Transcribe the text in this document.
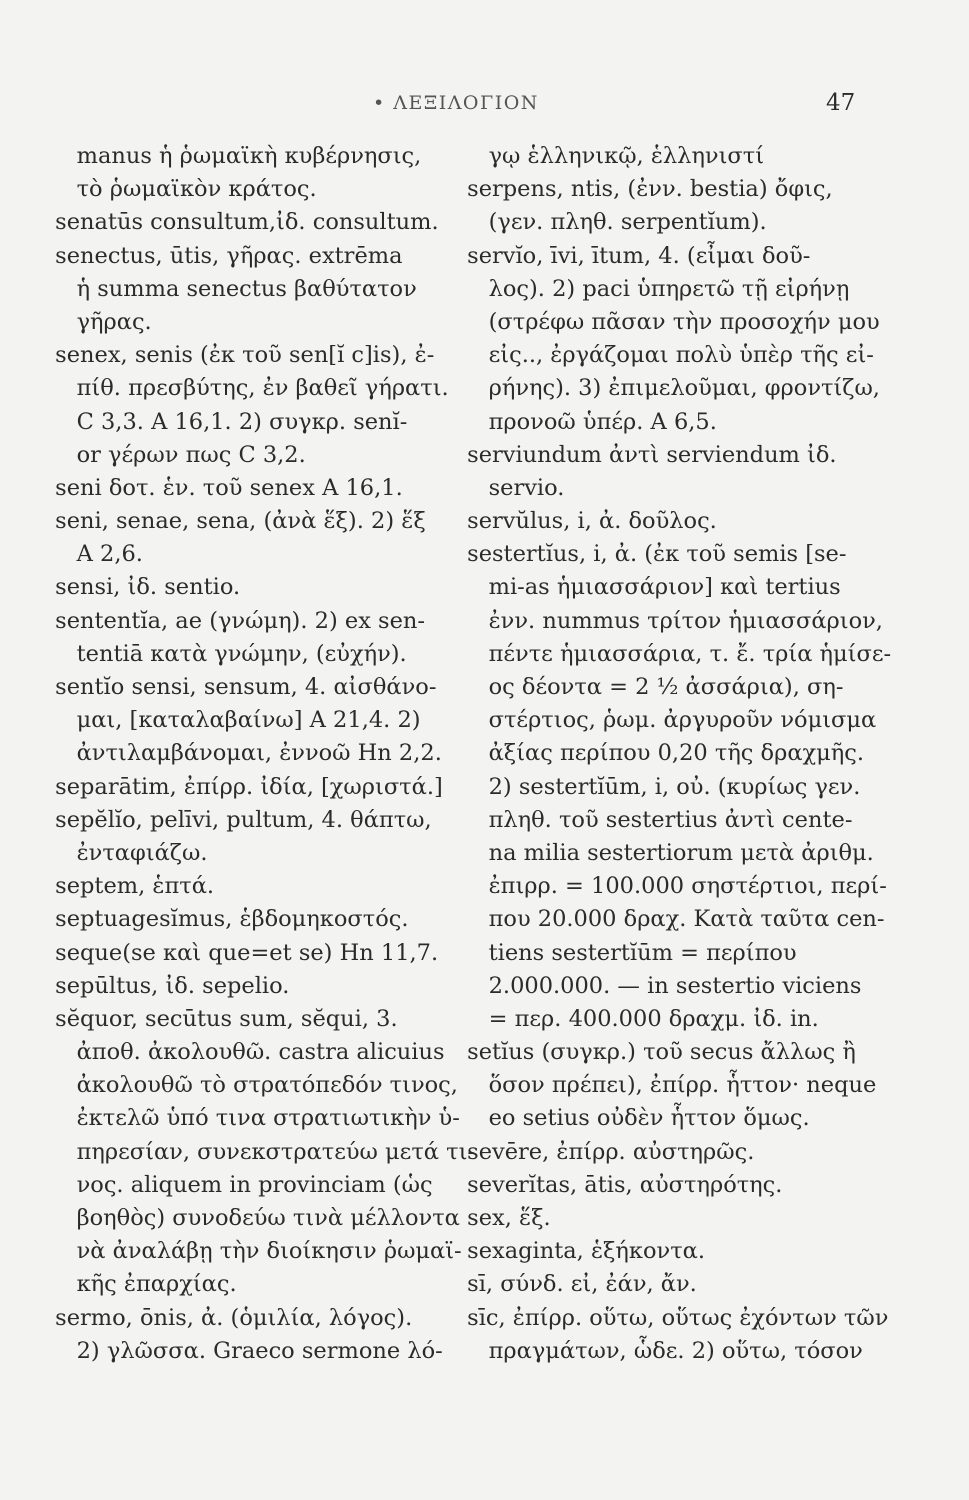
• ΛΕΞΙΛΟΓΙΟΝ	47
manus ἡ ῥωμαϊκὴ κυβέρνησις,
τὸ ῥωμαϊκὸν κράτος.
senatūs consultum,ἰδ. consultum.
senectus, ūtis, γῆρας. extrēma
ἡ summa senectus βαθύτατον
γῆρας.
senex, senis (ἐκ τοῦ sen[ĭ c]is), ἐ-
πίθ. πρεσβύτης, ἐν βαθεῖ γήρατι.
C 3,3. A 16,1. 2) συγκρ. senĭ-
or γέρων πως C 3,2.
seni δοτ. ἑν. τοῦ senex A 16,1.
seni, senae, sena, (ἀνὰ ἕξ). 2) ἕξ
A 2,6.
sensi, ἰδ. sentio.
sententĭa, ae (γνώμη). 2) ex sen-
tentiā κατὰ γνώμην, (εὐχήν).
sentĭo sensi, sensum, 4. αἰσθάνο-
μαι, [καταλαβαίνω] A 21,4. 2)
ἀντιλαμβάνομαι, ἐννοῶ Hn 2,2.
separātim, ἐπίρρ. ἰδία, [χωριστά.]
sepĕlĭo, pelīvi, pultum, 4. θάπτω,
ἐνταφιάζω.
septem, ἑπτά.
septuagesĭmus, ἑβδομηκοστός.
seque(se καὶ que=et se) Hn 11,7.
sepūltus, ἰδ. sepelio.
sĕquor, secūtus sum, sĕqui, 3.
ἀποθ. ἀκολουθῶ. castra alicuius
ἀκολουθῶ τὸ στρατόπεδόν τινος,
ἐκτελῶ ὑπό τινα στρατιωτικὴν ὑ-
πηρεσίαν, συνεκστρατεύω μετά τι-
νος. aliquem in provinciam (ὡς
βοηθὸς) συνοδεύω τινὰ μέλλοντα
νὰ ἀναλάβῃ τὴν διοίκησιν ῥωμαϊ-
κῆς ἐπαρχίας.
sermo, ōnis, ἀ. (ὁμιλία, λόγος).
2) γλῶσσα. Graeco sermone λό-
γῳ ἑλληνικῷ, ἑλληνιστί
serpens, ntis, (ἐνν. bestia) ὄφις,
(γεν. πληθ. serpentĭum).
servĭo, īvi, ītum, 4. (εἶμαι δοῦ-
λος). 2) paci ὑπηρετῶ τῇ εἰρήνῃ
(στρέφω πᾶσαν τὴν προσοχήν μου
εἰς.., ἐργάζομαι πολὺ ὑπὲρ τῆς εἰ-
ρήνης). 3) ἐπιμελοῦμαι, φροντίζω,
προνοῶ ὑπέρ. A 6,5.
serviundum ἀντὶ serviendum ἰδ.
servio.
servŭlus, i, ἀ. δοῦλος.
sestertĭus, i, ἀ. (ἐκ τοῦ semis [se-
mi-as ἡμιασσάριον] καὶ tertius
ἐνν. nummus τρίτον ἡμιασσάριον,
πέντε ἡμιασσάρια, τ. ἔ. τρία ἡμίσε-
ος δέοντα = 2 ½ ἀσσάρια), ση-
στέρτιος, ῥωμ. ἀργυροῦν νόμισμα
ἀξίας περίπου 0,20 τῆς δραχμῆς.
2) sestertĭūm, i, οὐ. (κυρίως γεν.
πληθ. τοῦ sestertius ἀντὶ cente-
na milia sestertiorum μετὰ ἀριθμ.
ἐπιρρ. = 100.000 σηστέρτιοι, περί-
που 20.000 δραχ. Κατὰ ταῦτα cen-
tiens sestertĭūm = περίπου
2.000.000. — in sestertio viciens
= περ. 400.000 δραχμ. ἰδ. in.
setĭus (συγκρ.) τοῦ secus ἄλλως ἢ
ὅσον πρέπει), ἐπίρρ. ἧττον· neque
eo setius οὐδὲν ἧττον ὅμως.
sevēre, ἐπίρρ. αὐστηρῶς.
severĭtas, ātis, αὐστηρότης.
sex, ἕξ.
sexaginta, ἑξήκοντα.
sī, σύνδ. εἰ, ἐάν, ἄν.
sīc, ἐπίρρ. οὕτω, οὕτως ἐχόντων τῶν
πραγμάτων, ὧδε. 2) οὕτω, τόσον
